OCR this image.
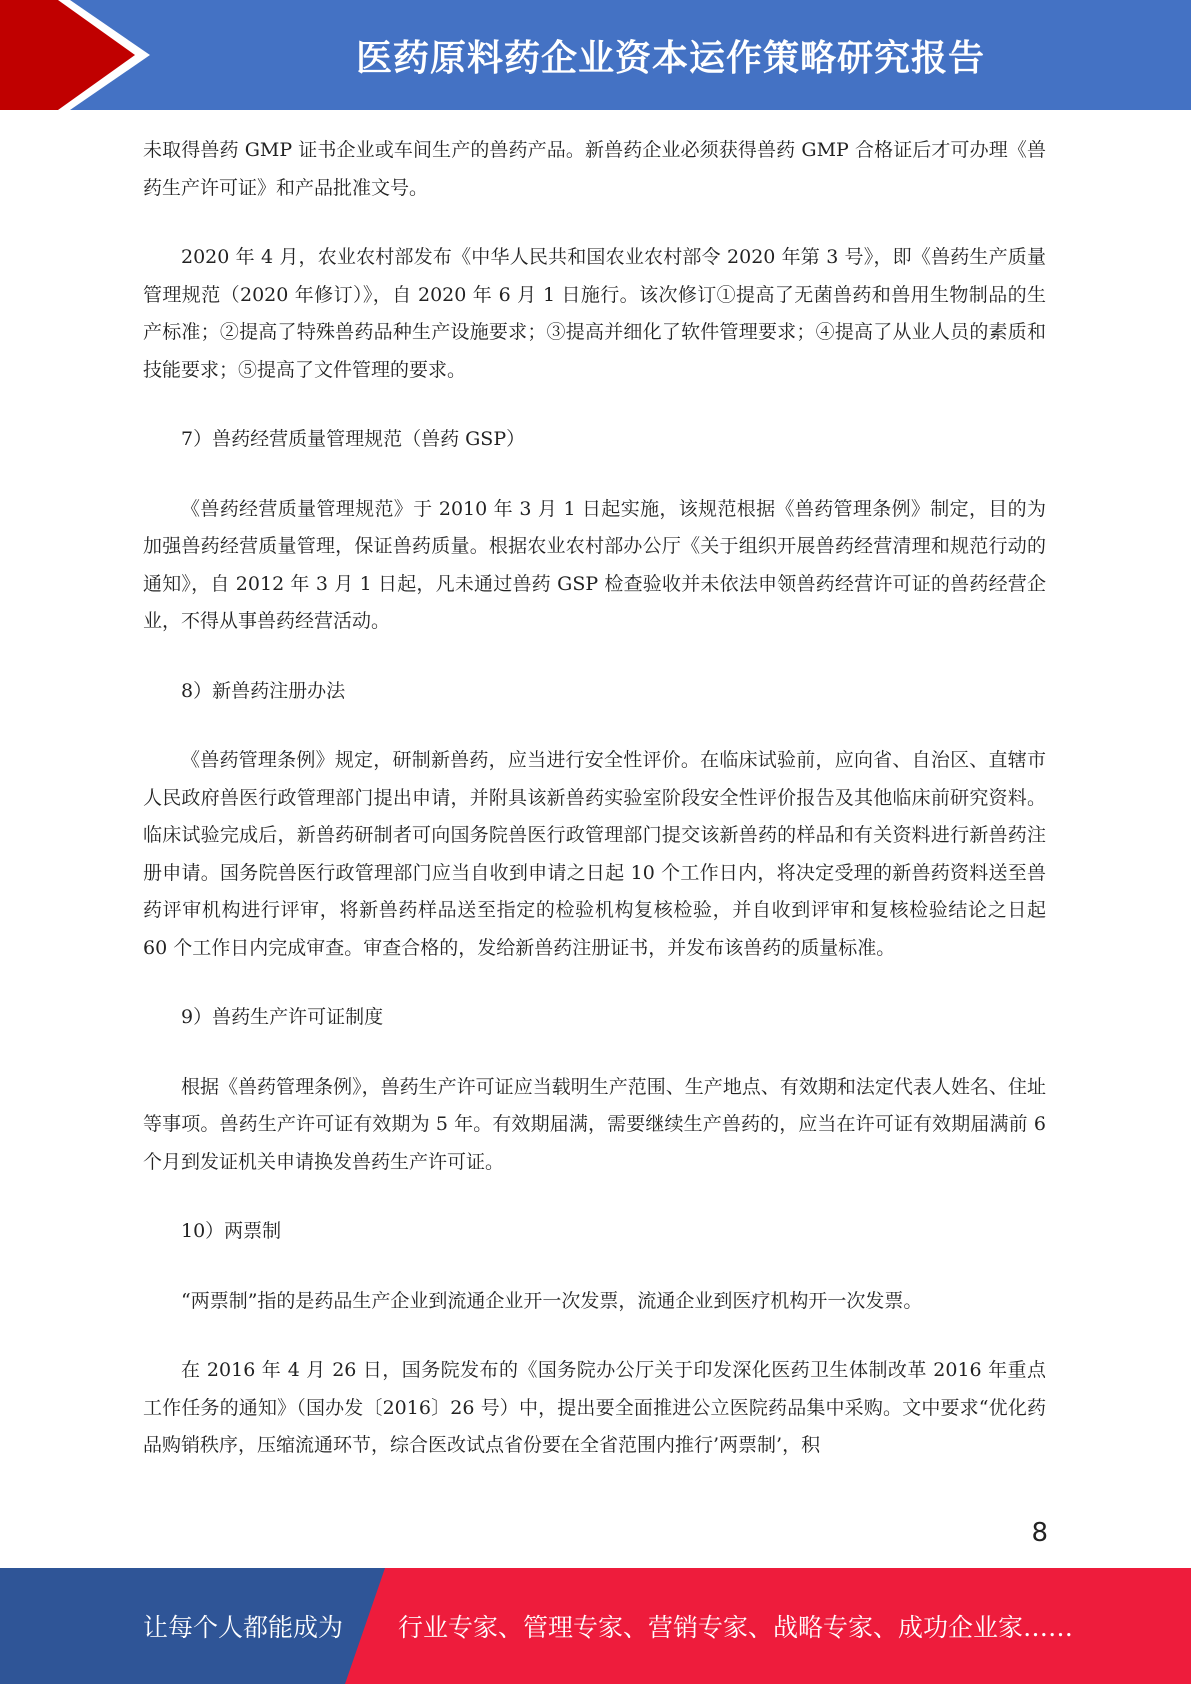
医药原料药企业资本运作策略研究报告

未取得兽药 GMP 证书企业或车间生产的兽药产品。新兽药企业必须获得兽药 GMP 合格证后才可办理《兽药生产许可证》和产品批准文号。

2020 年 4 月，农业农村部发布《中华人民共和国农业农村部令 2020 年第 3 号》，即《兽药生产质量管理规范（2020 年修订）》，自 2020 年 6 月 1 日施行。该次修订①提高了无菌兽药和兽用生物制品的生产标准；②提高了特殊兽药品种生产设施要求；③提高并细化了软件管理要求；④提高了从业人员的素质和技能要求；⑤提高了文件管理的要求。

7）兽药经营质量管理规范（兽药 GSP）

《兽药经营质量管理规范》于 2010 年 3 月 1 日起实施，该规范根据《兽药管理条例》制定，目的为加强兽药经营质量管理，保证兽药质量。根据农业农村部办公厅《关于组织开展兽药经营清理和规范行动的通知》，自 2012 年 3 月 1 日起，凡未通过兽药 GSP 检查验收并未依法申领兽药经营许可证的兽药经营企业，不得从事兽药经营活动。

8）新兽药注册办法

《兽药管理条例》规定，研制新兽药，应当进行安全性评价。在临床试验前，应向省、自治区、直辖市人民政府兽医行政管理部门提出申请，并附具该新兽药实验室阶段安全性评价报告及其他临床前研究资料。临床试验完成后，新兽药研制者可向国务院兽医行政管理部门提交该新兽药的样品和有关资料进行新兽药注册申请。国务院兽医行政管理部门应当自收到申请之日起 10 个工作日内，将决定受理的新兽药资料送至兽药评审机构进行评审，将新兽药样品送至指定的检验机构复核检验，并自收到评审和复核检验结论之日起 60 个工作日内完成审查。审查合格的，发给新兽药注册证书，并发布该兽药的质量标准。

9）兽药生产许可证制度

根据《兽药管理条例》，兽药生产许可证应当载明生产范围、生产地点、有效期和法定代表人姓名、住址等事项。兽药生产许可证有效期为 5 年。有效期届满，需要继续生产兽药的，应当在许可证有效期届满前 6 个月到发证机关申请换发兽药生产许可证。

10）两票制

“两票制”指的是药品生产企业到流通企业开一次发票，流通企业到医疗机构开一次发票。

在 2016 年 4 月 26 日，国务院发布的《国务院办公厅关于印发深化医药卫生体制改革 2016 年重点工作任务的通知》（国办发〔2016〕26 号）中，提出要全面推进公立医院药品集中采购。文中要求“优化药品购销秩序，压缩流通环节，综合医改试点省份要在全省范围内推行’两票制’，积

8
让每个人都能成为 行业专家、管理专家、营销专家、战略专家、成功企业家……
